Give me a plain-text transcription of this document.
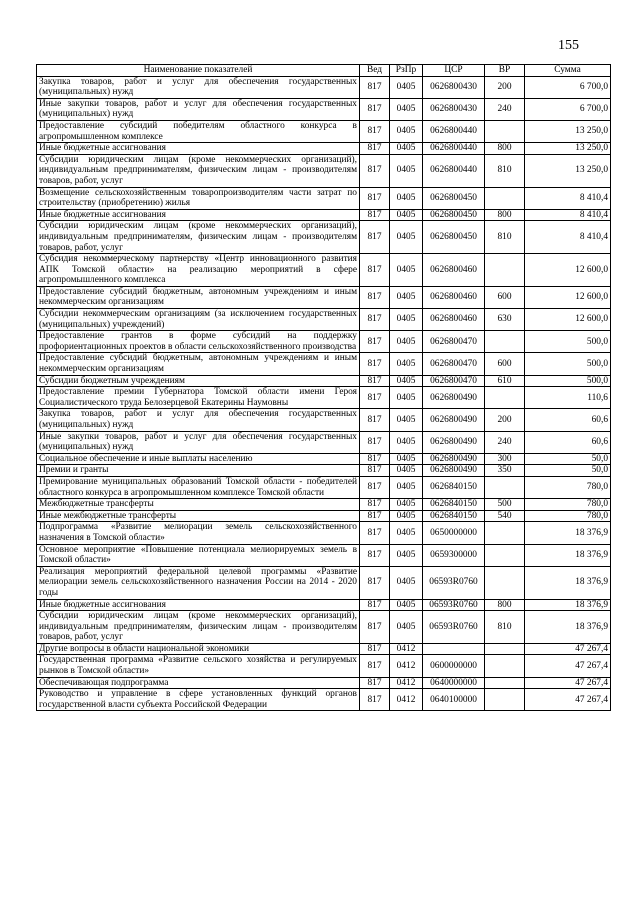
155
Наименование показателей	Вед	РзПр	ЦСР	ВР	Сумма
Закупка товаров, работ и услуг для обеспечения государственных (муниципальных) нужд	817	0405	0626800430	200	6 700,0
Иные закупки товаров, работ и услуг для обеспечения государственных (муниципальных) нужд	817	0405	0626800430	240	6 700,0
Предоставление субсидий победителям областного конкурса в агропромышленном комплексе	817	0405	0626800440		13 250,0
Иные бюджетные ассигнования	817	0405	0626800440	800	13 250,0
Субсидии юридическим лицам (кроме некоммерческих организаций), индивидуальным предпринимателям, физическим лицам - производителям товаров, работ, услуг	817	0405	0626800440	810	13 250,0
Возмещение сельскохозяйственным товаропроизводителям части затрат по строительству (приобретению) жилья	817	0405	0626800450		8 410,4
Иные бюджетные ассигнования	817	0405	0626800450	800	8 410,4
Субсидии юридическим лицам (кроме некоммерческих организаций), индивидуальным предпринимателям, физическим лицам - производителям товаров, работ, услуг	817	0405	0626800450	810	8 410,4
Субсидия некоммерческому партнерству «Центр инновационного развития АПК Томской области» на реализацию мероприятий в сфере агропромышленного комплекса	817	0405	0626800460		12 600,0
Предоставление субсидий бюджетным, автономным учреждениям и иным некоммерческим организациям	817	0405	0626800460	600	12 600,0
Субсидии некоммерческим организациям (за исключением государственных (муниципальных) учреждений)	817	0405	0626800460	630	12 600,0
Предоставление грантов в форме субсидий на поддержку профориентационных проектов в области сельскохозяйственного производства	817	0405	0626800470		500,0
Предоставление субсидий бюджетным, автономным учреждениям и иным некоммерческим организациям	817	0405	0626800470	600	500,0
Субсидии бюджетным учреждениям	817	0405	0626800470	610	500,0
Предоставление премии Губернатора Томской области имени Героя Социалистического труда Белозерцевой Екатерины Наумовны	817	0405	0626800490		110,6
Закупка товаров, работ и услуг для обеспечения государственных (муниципальных) нужд	817	0405	0626800490	200	60,6
Иные закупки товаров, работ и услуг для обеспечения государственных (муниципальных) нужд	817	0405	0626800490	240	60,6
Социальное обеспечение и иные выплаты населению	817	0405	0626800490	300	50,0
Премии и гранты	817	0405	0626800490	350	50,0
Премирование муниципальных образований Томской области - победителей областного конкурса в агропромышленном комплексе Томской области	817	0405	0626840150		780,0
Межбюджетные трансферты	817	0405	0626840150	500	780,0
Иные межбюджетные трансферты	817	0405	0626840150	540	780,0
Подпрограмма «Развитие мелиорации земель сельскохозяйственного назначения в Томской области»	817	0405	0650000000		18 376,9
Основное мероприятие «Повышение потенциала мелиорируемых земель в Томской области»	817	0405	0659300000		18 376,9
Реализация мероприятий федеральной целевой программы «Развитие мелиорации земель сельскохозяйственного назначения России на 2014 - 2020 годы	817	0405	06593R0760		18 376,9
Иные бюджетные ассигнования	817	0405	06593R0760	800	18 376,9
Субсидии юридическим лицам (кроме некоммерческих организаций), индивидуальным предпринимателям, физическим лицам - производителям товаров, работ, услуг	817	0405	06593R0760	810	18 376,9
Другие вопросы в области национальной экономики	817	0412			47 267,4
Государственная программа «Развитие сельского хозяйства и регулируемых рынков в Томской области»	817	0412	0600000000		47 267,4
Обеспечивающая подпрограмма	817	0412	0640000000		47 267,4
Руководство и управление в сфере установленных функций органов государственной власти субъекта Российской Федерации	817	0412	0640100000		47 267,4
